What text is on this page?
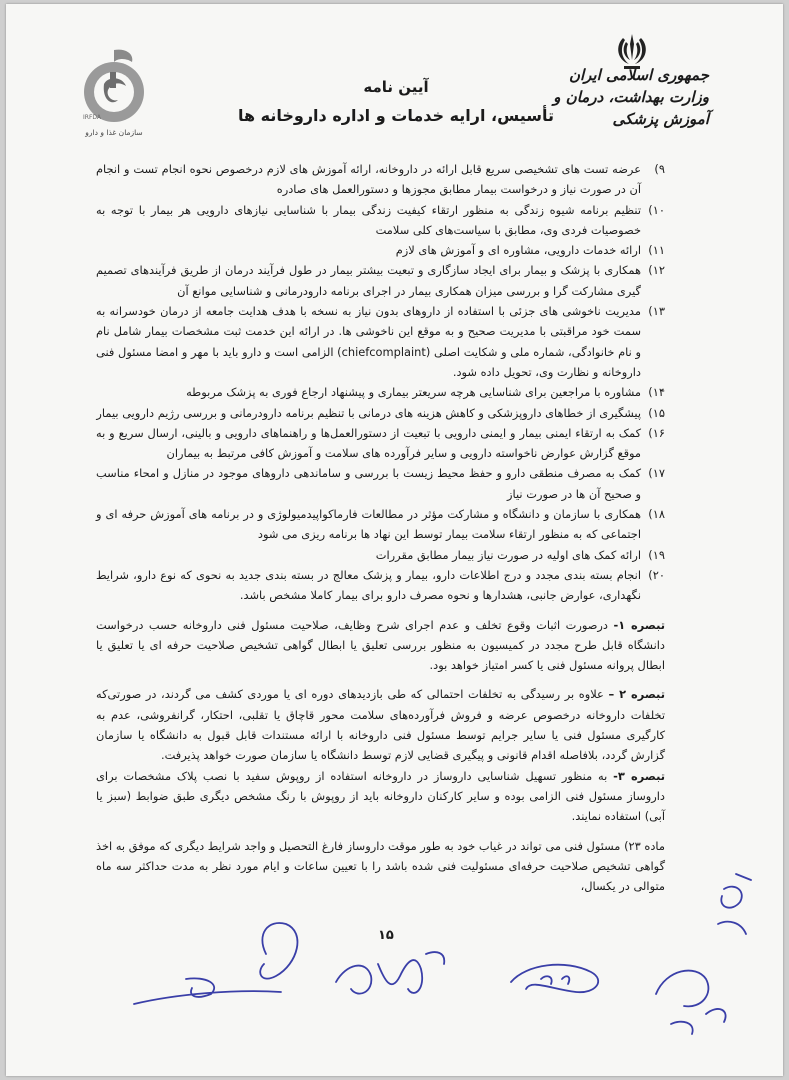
جمهوری اسلامی ایران
وزارت بهداشت، درمان و آموزش پزشکی
IRFDA
سازمان غذا و دارو
آیین نامه
تأسیس، ارایه خدمات و اداره داروخانه ها
۹)
عرضه تست های تشخیصی سریع قابل ارائه در داروخانه، ارائه آموزش های لازم درخصوص نحوه انجام تست و انجام آن در صورت نیاز و درخواست بیمار مطابق مجوزها و دستورالعمل های صادره
۱۰)
تنظیم برنامه شیوه زندگی به منظور ارتقاء کیفیت زندگی بیمار با شناسایی نیازهای دارویی هر بیمار با توجه به خصوصیات فردی وی، مطابق با سیاست‌های کلی سلامت
۱۱)
ارائه خدمات دارویی، مشاوره ای و آموزش های لازم
۱۲)
همکاری با پزشک و بیمار برای ایجاد سازگاری و تبعیت بیشتر بیمار در طول فرآیند درمان از طریق فرآیندهای تصمیم گیری مشارکت گرا و بررسی میزان همکاری بیمار در اجرای برنامه دارودرمانی و شناسایی موانع آن
۱۳)
مدیریت ناخوشی های جزئی با استفاده از داروهای بدون نیاز به نسخه با هدف هدایت جامعه از درمان خودسرانه به سمت خود مراقبتی با مدیریت صحیح و به موقع این ناخوشی ها. در ارائه این خدمت ثبت مشخصات بیمار شامل نام و نام خانوادگی، شماره ملی و شکایت اصلی (chiefcomplaint) الزامی است و دارو باید با مهر و امضا مسئول فنی داروخانه و نظارت وی، تحویل داده شود.
۱۴)
مشاوره با مراجعین برای شناسایی هرچه سریعتر بیماری و پیشنهاد ارجاع فوری به پزشک مربوطه
۱۵)
پیشگیری از خطاهای داروپزشکی و کاهش هزینه های درمانی با تنظیم برنامه دارودرمانی و بررسی رژیم دارویی بیمار
۱۶)
کمک به ارتقاء ایمنی بیمار و ایمنی دارویی با تبعیت از دستورالعمل‌ها و راهنماهای دارویی و بالینی، ارسال سریع و به موقع گزارش عوارض ناخواسته دارویی و سایر فرآورده های سلامت و آموزش کافی مرتبط به بیماران
۱۷)
کمک به مصرف منطقی دارو و حفظ محیط زیست با بررسی و ساماندهی داروهای موجود در منازل و امحاء مناسب و صحیح آن ها در صورت نیاز
۱۸)
همکاری با سازمان و دانشگاه و مشارکت مؤثر در مطالعات فارماکواپیدمیولوژی و در برنامه های آموزش حرفه ای و اجتماعی که به منظور ارتقاء سلامت بیمار توسط این نهاد ها برنامه ریزی می شود
۱۹)
ارائه کمک های اولیه در صورت نیاز بیمار مطابق مقررات
۲۰)
انجام بسته بندی مجدد و درج اطلاعات دارو، بیمار و پزشک معالج در بسته بندی جدید به نحوی که نوع دارو، شرایط نگهداری، عوارض جانبی، هشدارها و نحوه مصرف دارو برای بیمار کاملا مشخص باشد.
تبصره ۱- درصورت اثبات وقوع تخلف و عدم اجرای شرح وظایف، صلاحیت مسئول فنی داروخانه حسب درخواست دانشگاه قابل طرح مجدد در کمیسیون به منظور بررسی تعلیق یا ابطال گواهی تشخیص صلاحیت حرفه ای یا تعلیق یا ابطال پروانه مسئول فنی یا کسر امتیاز خواهد بود.
تبصره ۲ – علاوه بر رسیدگی به تخلفات احتمالی که طی بازدیدهای دوره ای یا موردی کشف می گردند، در صورتی‌که تخلفات داروخانه درخصوص عرضه و فروش فرآورده‌های سلامت محور قاچاق یا تقلبی، احتکار، گرانفروشی، عدم به کارگیری مسئول فنی یا سایر جرایم توسط مسئول فنی داروخانه با ارائه مستندات قابل قبول به دانشگاه یا سازمان گزارش گردد، بلافاصله اقدام قانونی و پیگیری قضایی لازم توسط دانشگاه یا سازمان صورت خواهد پذیرفت.
تبصره ۳- به منظور تسهیل شناسایی داروساز در داروخانه استفاده از روپوش سفید با نصب پلاک مشخصات برای داروساز مسئول فنی الزامی بوده و سایر کارکنان داروخانه باید از روپوش با رنگ مشخص دیگری طبق ضوابط (سبز یا آبی) استفاده نمایند.
ماده ۲۳) مسئول فنی می تواند در غیاب خود به طور موقت داروساز فارغ التحصیل و واجد شرایط دیگری که موفق به اخذ گواهی تشخیص صلاحیت حرفه‌ای مسئولیت فنی شده باشد را با تعیین ساعات و ایام مورد نظر به مدت حداکثر سه ماه متوالی در یکسال،
۱۵
